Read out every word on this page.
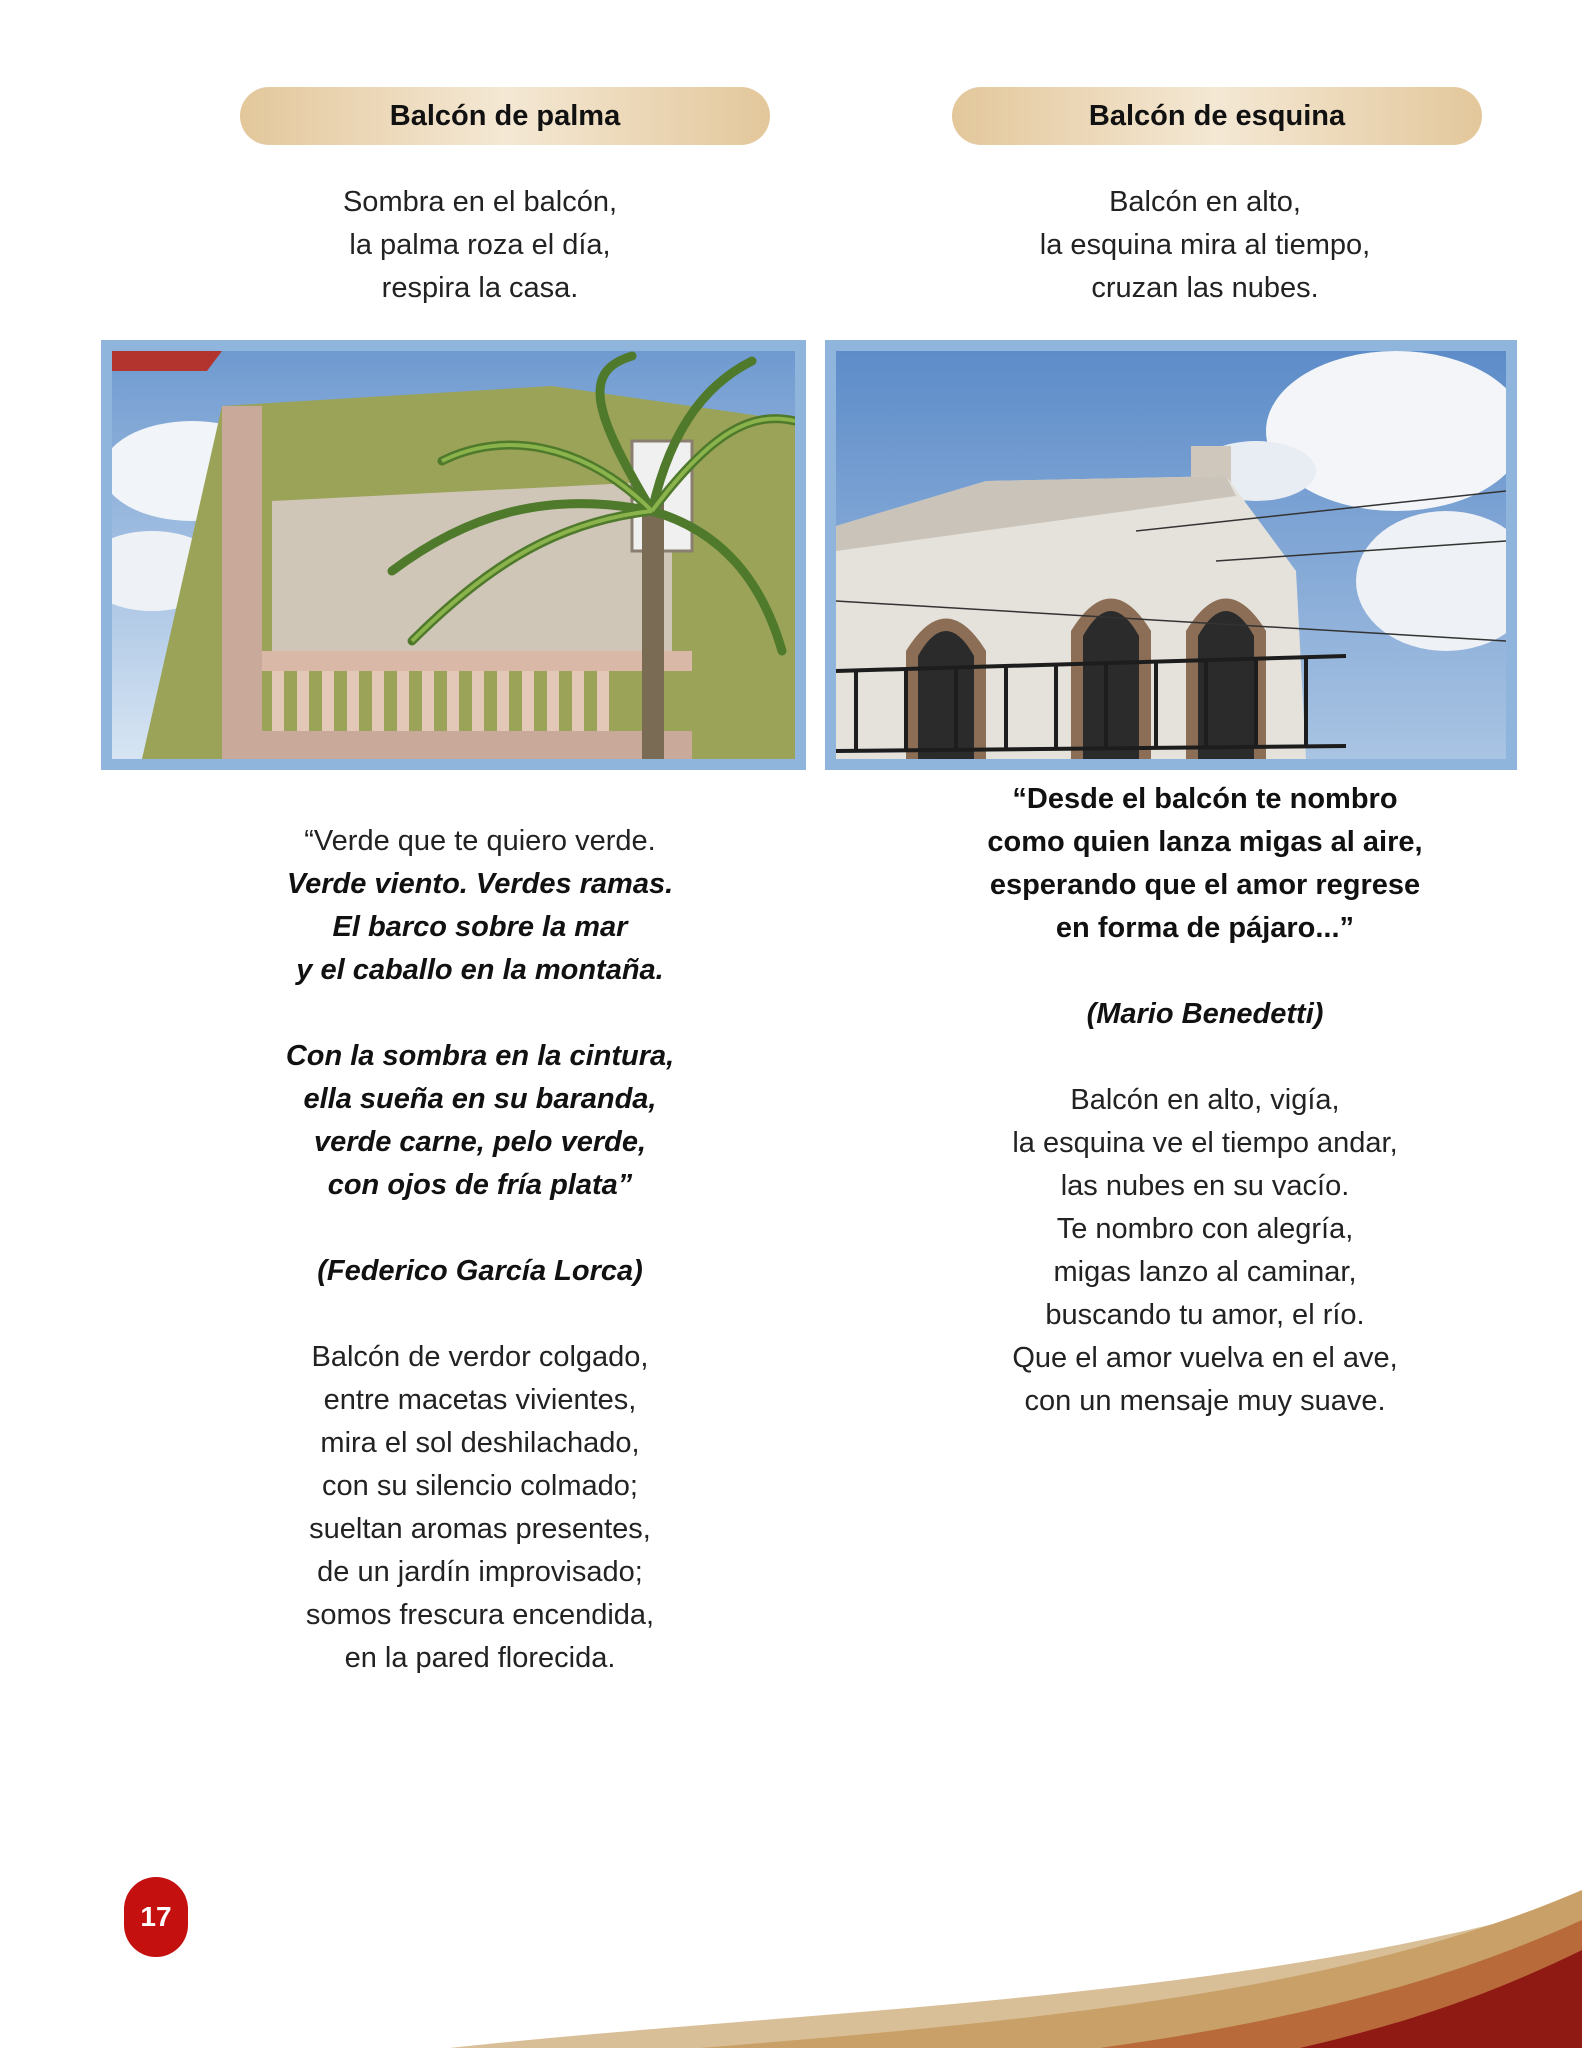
Balcón de palma	Balcón de esquina
Sombra en el balcón,
la palma roza el día,
respira la casa.
Balcón en alto,
la esquina mira al tiempo,
cruzan las nubes.

“Verde que te quiero verde.

Verde viento. Verdes ramas.

El barco sobre la mar

y el caballo en la montaña.

Con la sombra en la cintura,

ella sueña en su baranda,

verde carne, pelo verde,

con ojos de fría plata”

(Federico García Lorca)

Balcón de verdor colgado,

entre macetas vivientes,

mira el sol deshilachado,

con su silencio colmado;

sueltan aromas presentes,

de un jardín improvisado;

somos frescura encendida,

en la pared florecida.

“Desde el balcón te nombro

como quien lanza migas al aire,

esperando que el amor regrese

en forma de pájaro...”

(Mario Benedetti)

Balcón en alto, vigía,

la esquina ve el tiempo andar,

las nubes en su vacío.

Te nombro con alegría,

migas lanzo al caminar,

buscando tu amor, el río.

Que el amor vuelva en el ave,

con un mensaje muy suave.

17
